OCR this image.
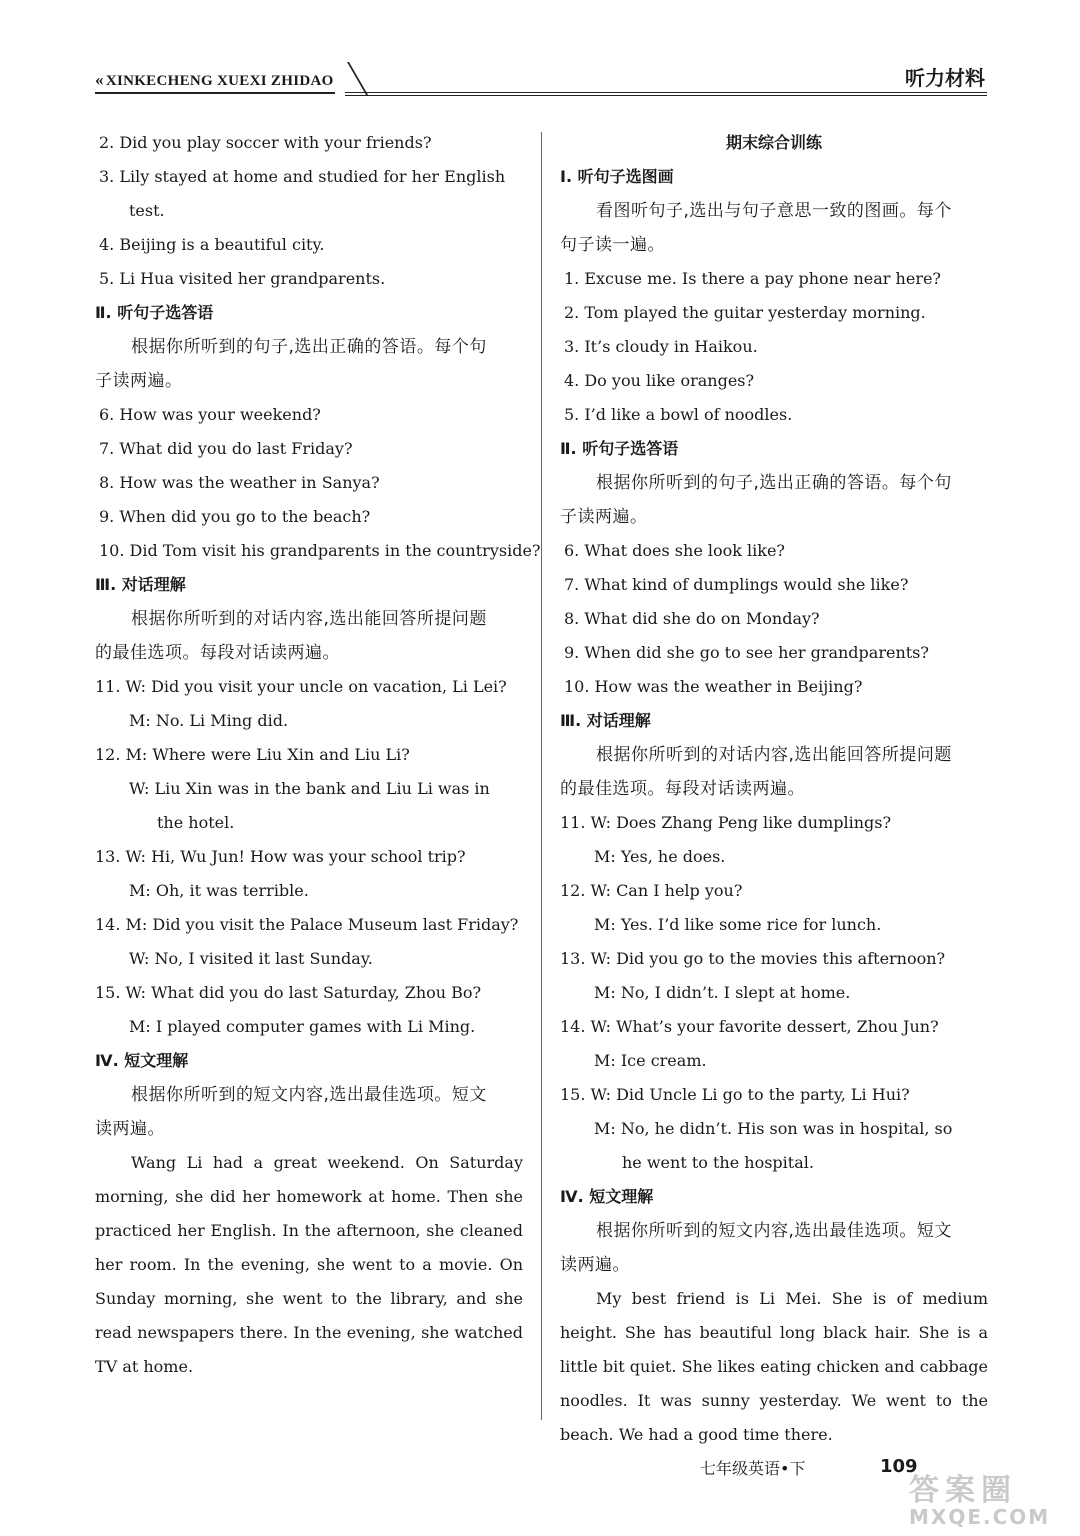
« XINKECHENG XUEXI ZHIDAO	听力材料
2. Did you play soccer with your friends?
3. Lily stayed at home and studied for her English
test.
4. Beijing is a beautiful city.
5. Li Hua visited her grandparents.
Ⅱ. 听句子选答语
根据你所听到的句子,选出正确的答语。每个句
子读两遍。
6. How was your weekend?
7. What did you do last Friday?
8. How was the weather in Sanya?
9. When did you go to the beach?
10. Did Tom visit his grandparents in the countryside?
Ⅲ. 对话理解
根据你所听到的对话内容,选出能回答所提问题
的最佳选项。每段对话读两遍。
11. W: Did you visit your uncle on vacation, Li Lei?
M: No. Li Ming did.
12. M: Where were Liu Xin and Liu Li?
W: Liu Xin was in the bank and Liu Li was in
the hotel.
13. W: Hi, Wu Jun! How was your school trip?
M: Oh, it was terrible.
14. M: Did you visit the Palace Museum last Friday?
W: No, I visited it last Sunday.
15. W: What did you do last Saturday, Zhou Bo?
M: I played computer games with Li Ming.
Ⅳ. 短文理解
根据你所听到的短文内容,选出最佳选项。短文
读两遍。
Wang Li had a great weekend. On Saturday
morning, she did her homework at home. Then she
practiced her English. In the afternoon, she cleaned
her room. In the evening, she went to a movie. On
Sunday morning, she went to the library, and she
read newspapers there. In the evening, she watched
TV at home.
期末综合训练
Ⅰ. 听句子选图画
看图听句子,选出与句子意思一致的图画。每个
句子读一遍。
1. Excuse me. Is there a pay phone near here?
2. Tom played the guitar yesterday morning.
3. It’s cloudy in Haikou.
4. Do you like oranges?
5. I’d like a bowl of noodles.
Ⅱ. 听句子选答语
根据你所听到的句子,选出正确的答语。每个句
子读两遍。
6. What does she look like?
7. What kind of dumplings would she like?
8. What did she do on Monday?
9. When did she go to see her grandparents?
10. How was the weather in Beijing?
Ⅲ. 对话理解
根据你所听到的对话内容,选出能回答所提问题
的最佳选项。每段对话读两遍。
11. W: Does Zhang Peng like dumplings?
M: Yes, he does.
12. W: Can I help you?
M: Yes. I’d like some rice for lunch.
13. W: Did you go to the movies this afternoon?
M: No, I didn’t. I slept at home.
14. W: What’s your favorite dessert, Zhou Jun?
M: Ice cream.
15. W: Did Uncle Li go to the party, Li Hui?
M: No, he didn’t. His son was in hospital, so
he went to the hospital.
Ⅳ. 短文理解
根据你所听到的短文内容,选出最佳选项。短文
读两遍。
My best friend is Li Mei. She is of medium
height. She has beautiful long black hair. She is a
little bit quiet. She likes eating chicken and cabbage
noodles. It was sunny yesterday. We went to the
beach. We had a good time there.
七年级英语•下	109
答案圈
MXQE.COM
